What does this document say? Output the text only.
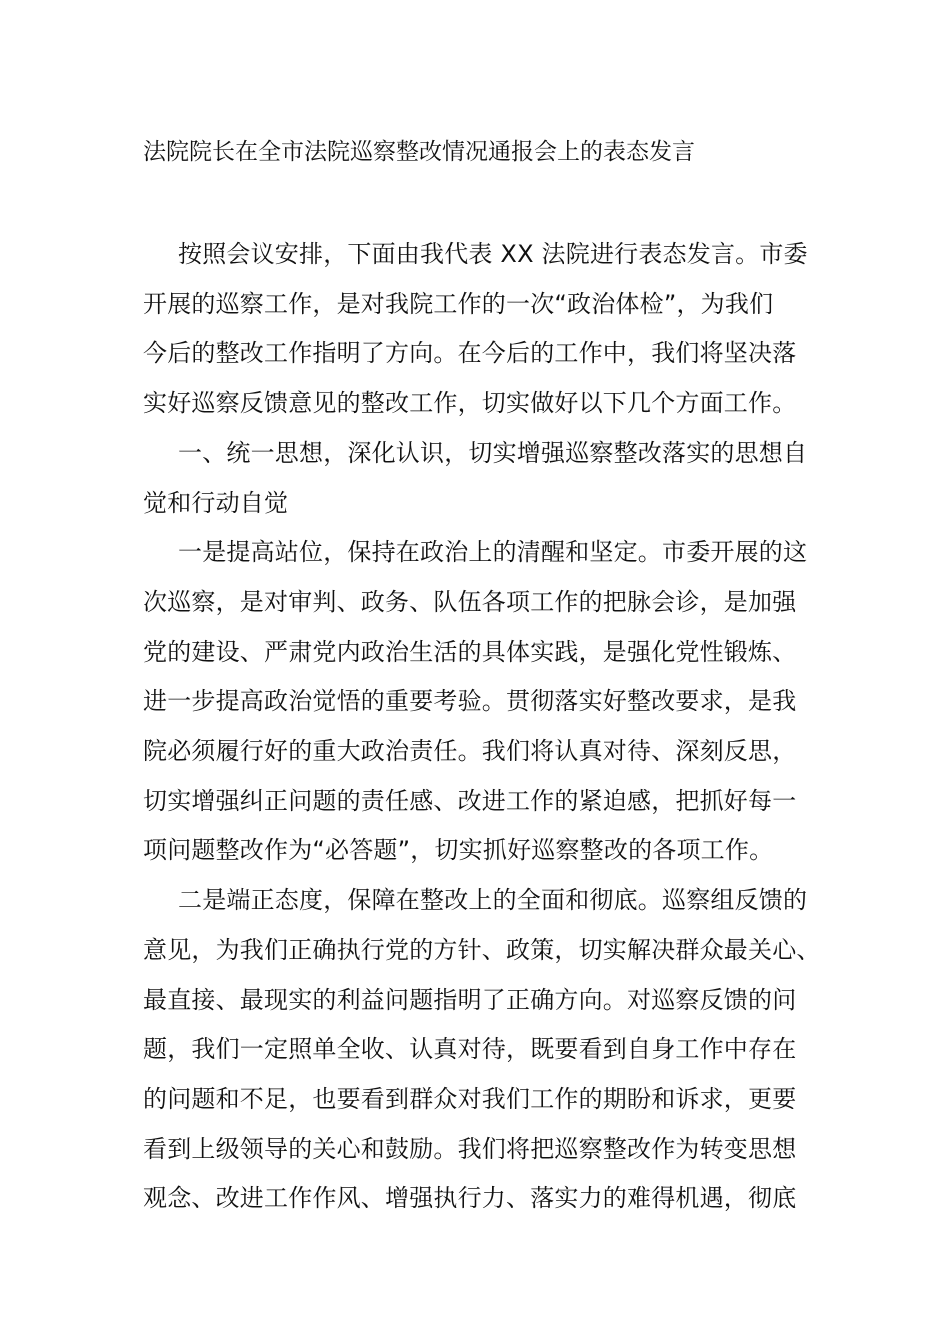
法院院长在全市法院巡察整改情况通报会上的表态发言

按照会议安排，下面由我代表 XX 法院进行表态发言。市委
开展的巡察工作，是对我院工作的一次“政治体检”，为我们
今后的整改工作指明了方向。在今后的工作中，我们将坚决落
实好巡察反馈意见的整改工作，切实做好以下几个方面工作。

一、统一思想，深化认识，切实增强巡察整改落实的思想自
觉和行动自觉

一是提高站位，保持在政治上的清醒和坚定。市委开展的这
次巡察，是对审判、政务、队伍各项工作的把脉会诊，是加强
党的建设、严肃党内政治生活的具体实践，是强化党性锻炼、
进一步提高政治觉悟的重要考验。贯彻落实好整改要求，是我
院必须履行好的重大政治责任。我们将认真对待、深刻反思，
切实增强纠正问题的责任感、改进工作的紧迫感，把抓好每一
项问题整改作为“必答题”，切实抓好巡察整改的各项工作。

二是端正态度，保障在整改上的全面和彻底。巡察组反馈的
意见，为我们正确执行党的方针、政策，切实解决群众最关心、
最直接、最现实的利益问题指明了正确方向。对巡察反馈的问
题，我们一定照单全收、认真对待，既要看到自身工作中存在
的问题和不足，也要看到群众对我们工作的期盼和诉求，更要
看到上级领导的关心和鼓励。我们将把巡察整改作为转变思想
观念、改进工作作风、增强执行力、落实力的难得机遇，彻底
